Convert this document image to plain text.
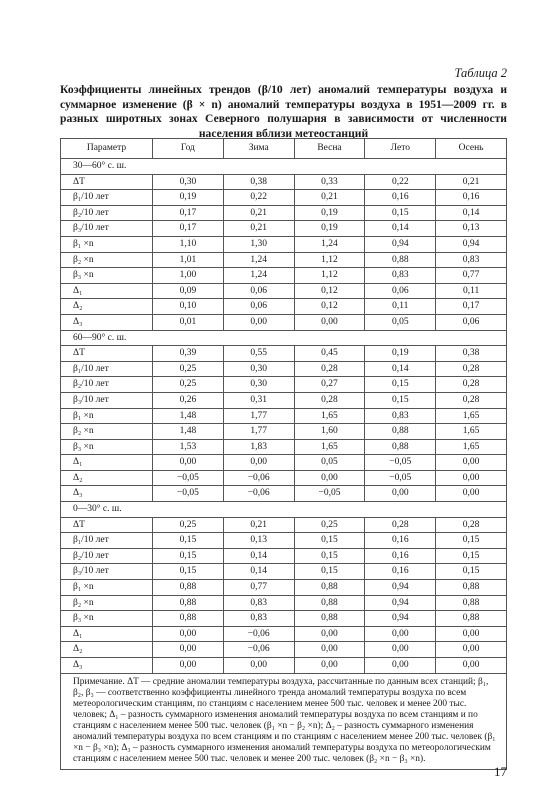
Таблица 2

Коэффициенты линейных трендов (β/10 лет) аномалий температуры воздуха и суммарное изменение (β × n) аномалий температуры воздуха в 1951—2009 гг. в разных широтных зонах Северного полушария в зависимости от численности населения вблизи метеостанций

Параметр	Год	Зима	Весна	Лето	Осень
30—60° с. ш.					
ΔT	0,30	0,38	0,33	0,22	0,21
β₁/10 лет	0,19	0,22	0,21	0,16	0,16
β₂/10 лет	0,17	0,21	0,19	0,15	0,14
β₃/10 лет	0,17	0,21	0,19	0,14	0,13
β₁ ×n	1,10	1,30	1,24	0,94	0,94
β₂ ×n	1,01	1,24	1,12	0,88	0,83
β₃ ×n	1,00	1,24	1,12	0,83	0,77
Δ₁	0,09	0,06	0,12	0,06	0,11
Δ₂	0,10	0,06	0,12	0,11	0,17
Δ₃	0,01	0,00	0,00	0,05	0,06
60—90° с. ш.					
ΔT	0,39	0,55	0,45	0,19	0,38
β₁/10 лет	0,25	0,30	0,28	0,14	0,28
β₂/10 лет	0,25	0,30	0,27	0,15	0,28
β₃/10 лет	0,26	0,31	0,28	0,15	0,28
β₁ ×n	1,48	1,77	1,65	0,83	1,65
β₂ ×n	1,48	1,77	1,60	0,88	1,65
β₃ ×n	1,53	1,83	1,65	0,88	1,65
Δ₁	0,00	0,00	0,05	−0,05	0,00
Δ₂	−0,05	−0,06	0,00	−0,05	0,00
Δ₃	−0,05	−0,06	−0,05	0,00	0,00
0—30° с. ш.					
ΔT	0,25	0,21	0,25	0,28	0,28
β₁/10 лет	0,15	0,13	0,15	0,16	0,15
β₂/10 лет	0,15	0,14	0,15	0,16	0,15
β₃/10 лет	0,15	0,14	0,15	0,16	0,15
β₁ ×n	0,88	0,77	0,88	0,94	0,88
β₂ ×n	0,88	0,83	0,88	0,94	0,88
β₃ ×n	0,88	0,83	0,88	0,94	0,88
Δ₁	0,00	−0,06	0,00	0,00	0,00
Δ₂	0,00	−0,06	0,00	0,00	0,00
Δ₃	0,00	0,00	0,00	0,00	0,00
Примечание. ΔT — средние аномалии температуры воздуха, рассчитанные по данным всех станций; β₁, β₂, β₃ — соответственно коэффициенты линейного тренда аномалий температуры воздуха по всем метеорологическим станциям, по станциям с населением менее 500 тыс. человек и менее 200 тыс. человек; Δ₁ – разность суммарного изменения аномалий температуры воздуха по всем станциям и по станциям с населением менее 500 тыс. человек (β₁ ×n − β₂ ×n); Δ₂ – разность суммарного изменения аномалий температуры воздуха по всем станциям и по станциям с населением менее 200 тыс. человек (β₁ ×n − β₃ ×n); Δ₃ – разность суммарного изменения аномалий температуры воздуха по метеорологическим станциям с населением менее 500 тыс. человек и менее 200 тыс. человек (β₂ ×n − β₃ ×n).					
17
